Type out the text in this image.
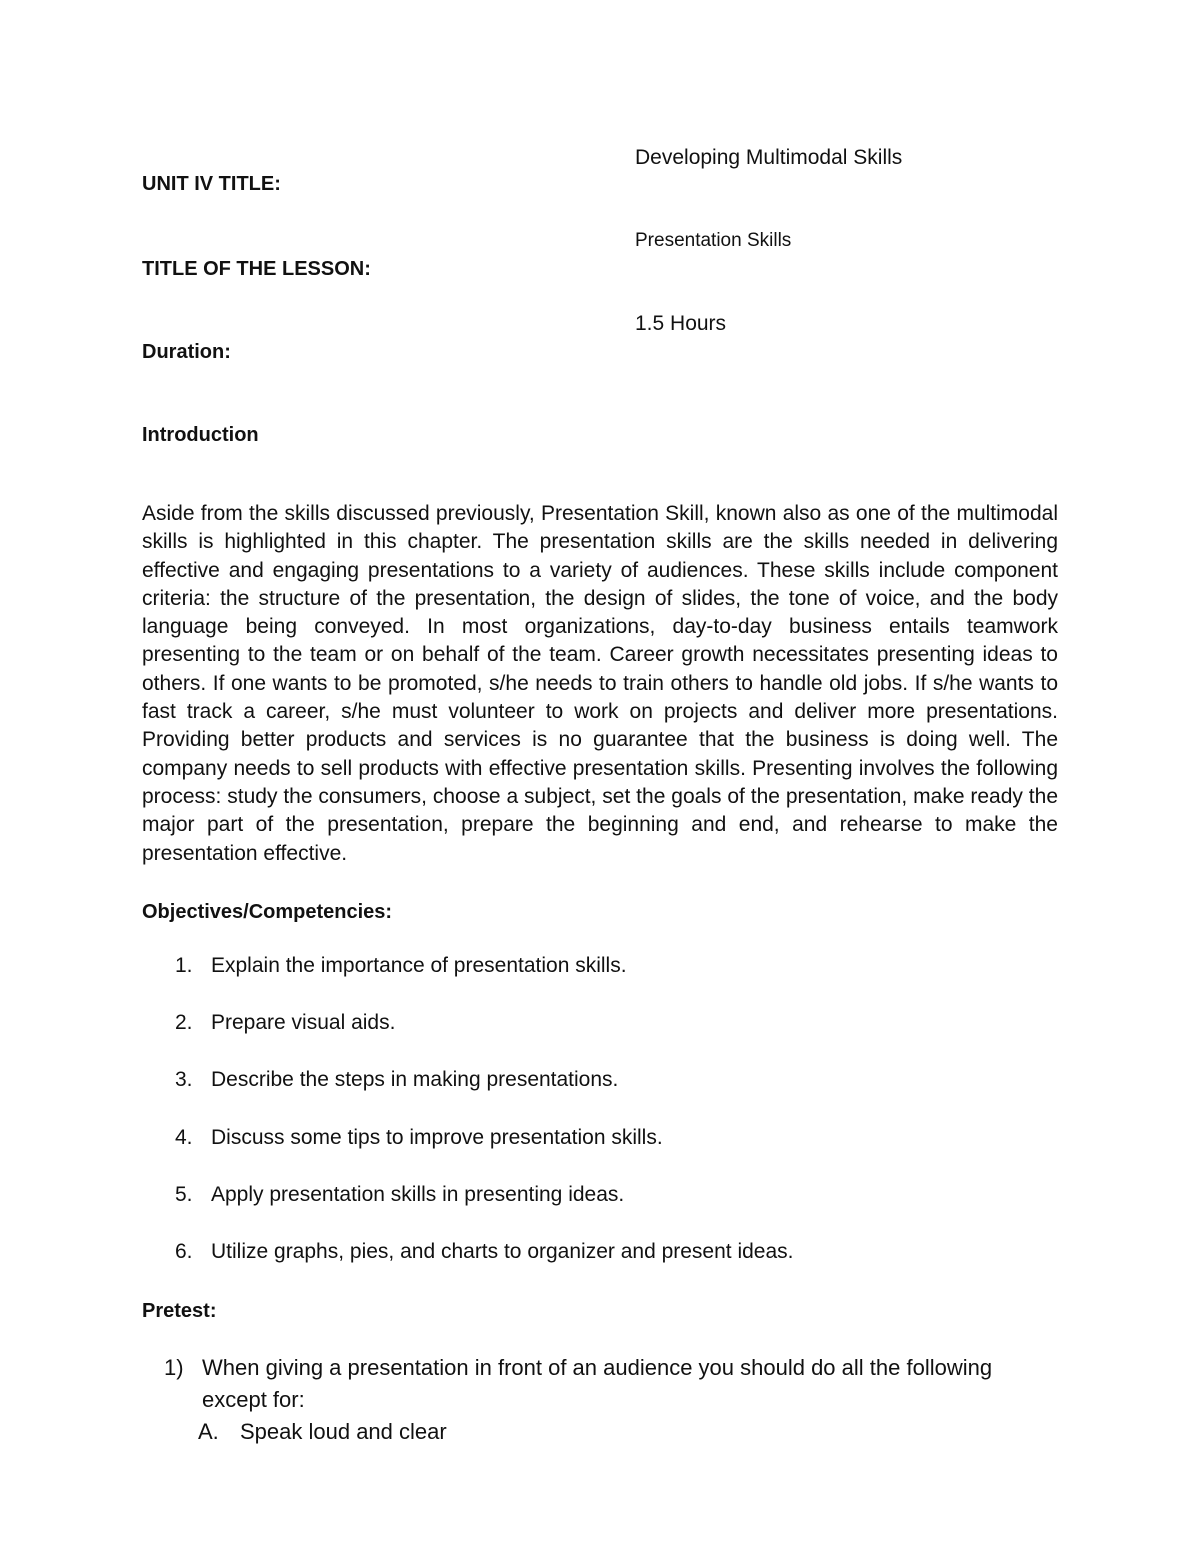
Developing Multimodal Skills
UNIT IV TITLE:
Presentation Skills
TITLE OF THE LESSON:
1.5 Hours
Duration:
Introduction
Aside from the skills discussed previously, Presentation Skill, known also as one of the multimodal skills is highlighted in this chapter. The presentation skills are the skills needed in delivering effective and engaging presentations to a variety of audiences. These skills include component criteria: the structure of the presentation, the design of slides, the tone of voice, and the body language being conveyed. In most organizations, day-to-day business entails teamwork presenting to the team or on behalf of the team. Career growth necessitates presenting ideas to others. If one wants to be promoted, s/he needs to train others to handle old jobs. If s/he wants to fast track a career, s/he must volunteer to work on projects and deliver more presentations. Providing better products and services is no guarantee that the business is doing well. The company needs to sell products with effective presentation skills. Presenting involves the following process: study the consumers, choose a subject, set the goals of the presentation, make ready the major part of the presentation, prepare the beginning and end, and rehearse to make the presentation effective.
Objectives/Competencies:
1. Explain the importance of presentation skills.
2. Prepare visual aids.
3. Describe the steps in making presentations.
4. Discuss some tips to improve presentation skills.
5. Apply presentation skills in presenting ideas.
6. Utilize graphs, pies, and charts to organizer and present ideas.
Pretest:
1) When giving a presentation in front of an audience you should do all the following except for:
A. Speak loud and clear
